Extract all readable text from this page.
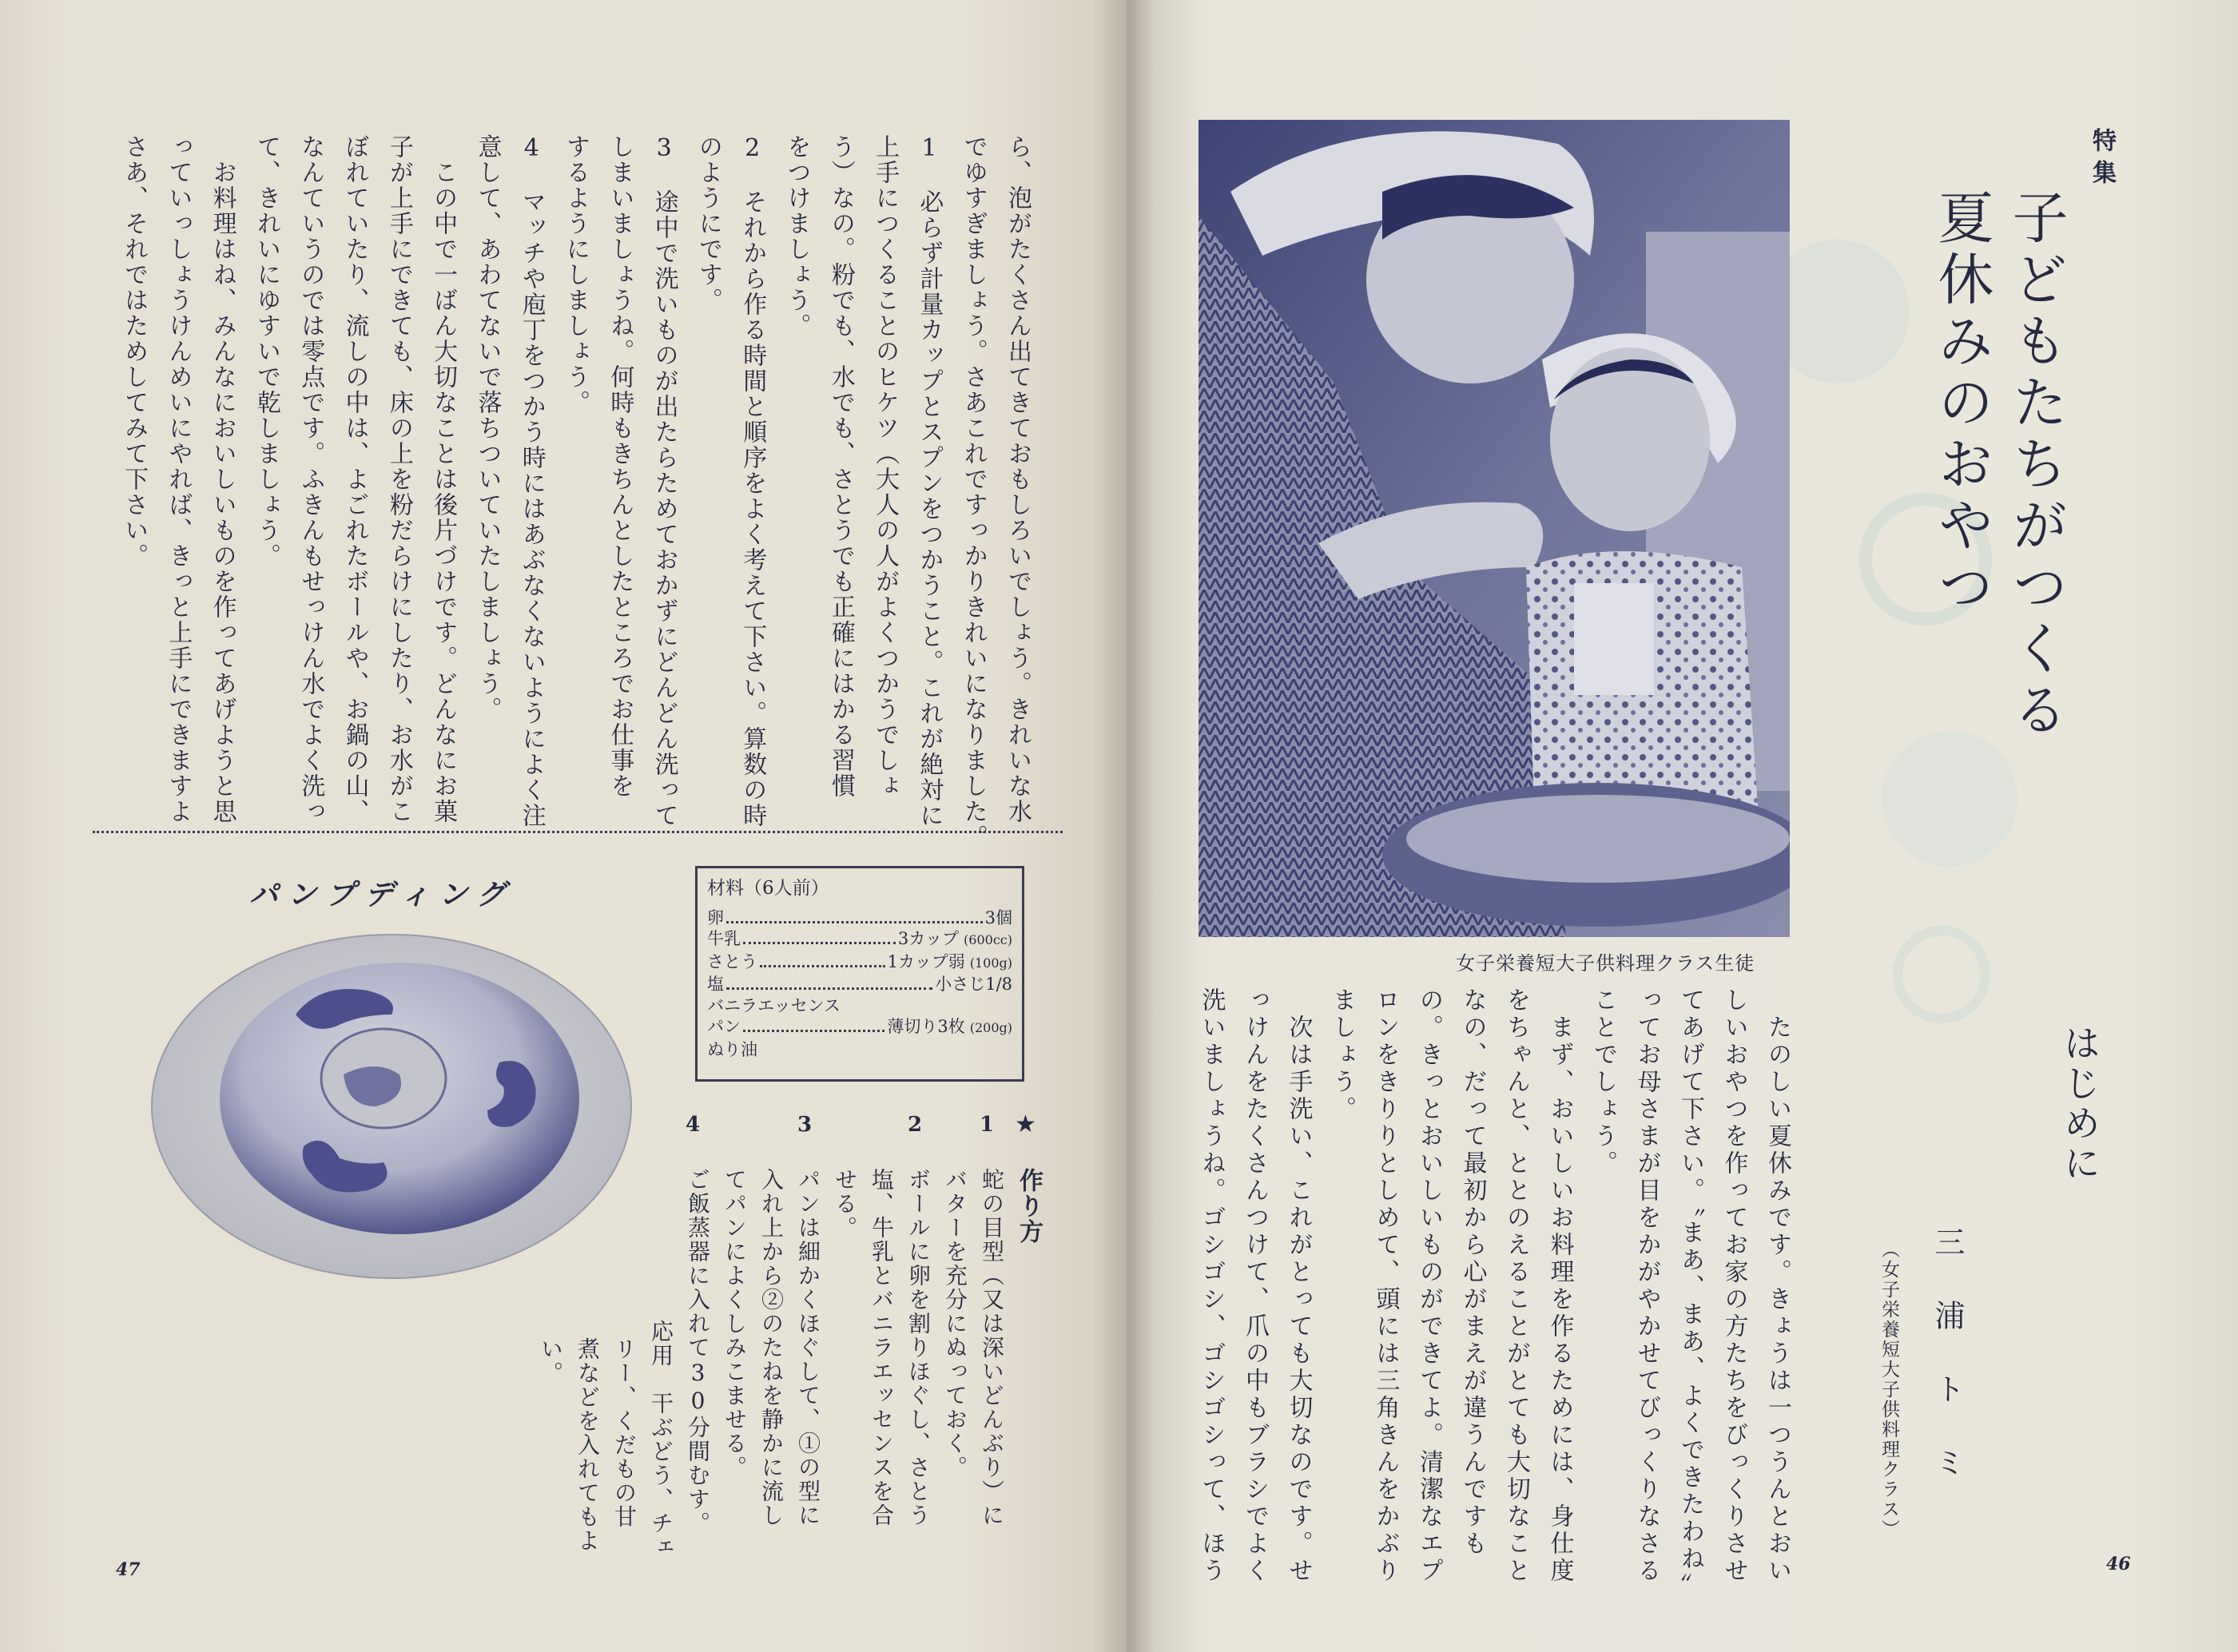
ら、泡がたくさん出てきておもしろいでしょう。きれいな水
でゆすぎましょう。さあこれですっかりきれいになりました。
1　必らず計量カップとスプンをつかうこと。これが絶対に
上手につくることのヒケツ（大人の人がよくつかうでしょ
う）なの。粉でも、水でも、さとうでも正確にはかる習慣
をつけましょう。
2　それから作る時間と順序をよく考えて下さい。算数の時
のようにです。
3　途中で洗いものが出たらためておかずにどんどん洗って
しまいましょうね。何時もきちんとしたところでお仕事を
するようにしましょう。
4　マッチや庖丁をつかう時にはあぶなくないようによく注
意して、あわてないで落ちついていたしましょう。
この中で一ばん大切なことは後片づけです。どんなにお菓
子が上手にできても、床の上を粉だらけにしたり、お水がこ
ぼれていたり、流しの中は、よごれたボールや、お鍋の山、
なんていうのでは零点です。ふきんもせっけん水でよく洗っ
て、きれいにゆすいで乾しましょう。
お料理はね、みんなにおいしいものを作ってあげようと思
っていっしょうけんめいにやれば、きっと上手にできますよ
さあ、それではためしてみて下さい。
パンプディング	材料（6人前）
卵	3個
牛乳	3カップ (600cc)
さとう	1カップ弱 (100g)
塩	小さじ1/8
バニラエッセンス
パン	薄切り3枚 (200g)
ぬり油
★
1
2
3
4
作り方
蛇の目型（又は深いどんぶり）に
バターを充分にぬっておく。
ボールに卵を割りほぐし、さとう
塩、牛乳とバニラエッセンスを合
せる。
パンは細かくほぐして、①の型に
入れ上から②のたねを静かに流し
てパンによくしみこませる。
ご飯蒸器に入れて30分間むす。
応用　干ぶどう、チェ
リー、くだもの甘
煮などを入れてもよ
い。
47
女子栄養短大子供料理クラス生徒
特集
子どもたちがつくる
夏休みのおやつ
はじめに
三浦トミ
（女子栄養短大子供料理クラス）
46
たのしい夏休みです。きょうは一つうんとおい
しいおやつを作ってお家の方たちをびっくりさせ
てあげて下さい。〝まあ、まあ、よくできたわね〟
ってお母さまが目をかがやかせてびっくりなさる
ことでしょう。
まず、おいしいお料理を作るためには、身仕度
をちゃんと、ととのえることがとても大切なこと
なの、だって最初から心がまえが違うんですも
の。きっとおいしいものができてよ。清潔なエプ
ロンをきりりとしめて、頭には三角きんをかぶり
ましょう。
次は手洗い、これがとっても大切なのです。せ
っけんをたくさんつけて、爪の中もブラシでよく
洗いましょうね。ゴシゴシ、ゴシゴシって、ほう
